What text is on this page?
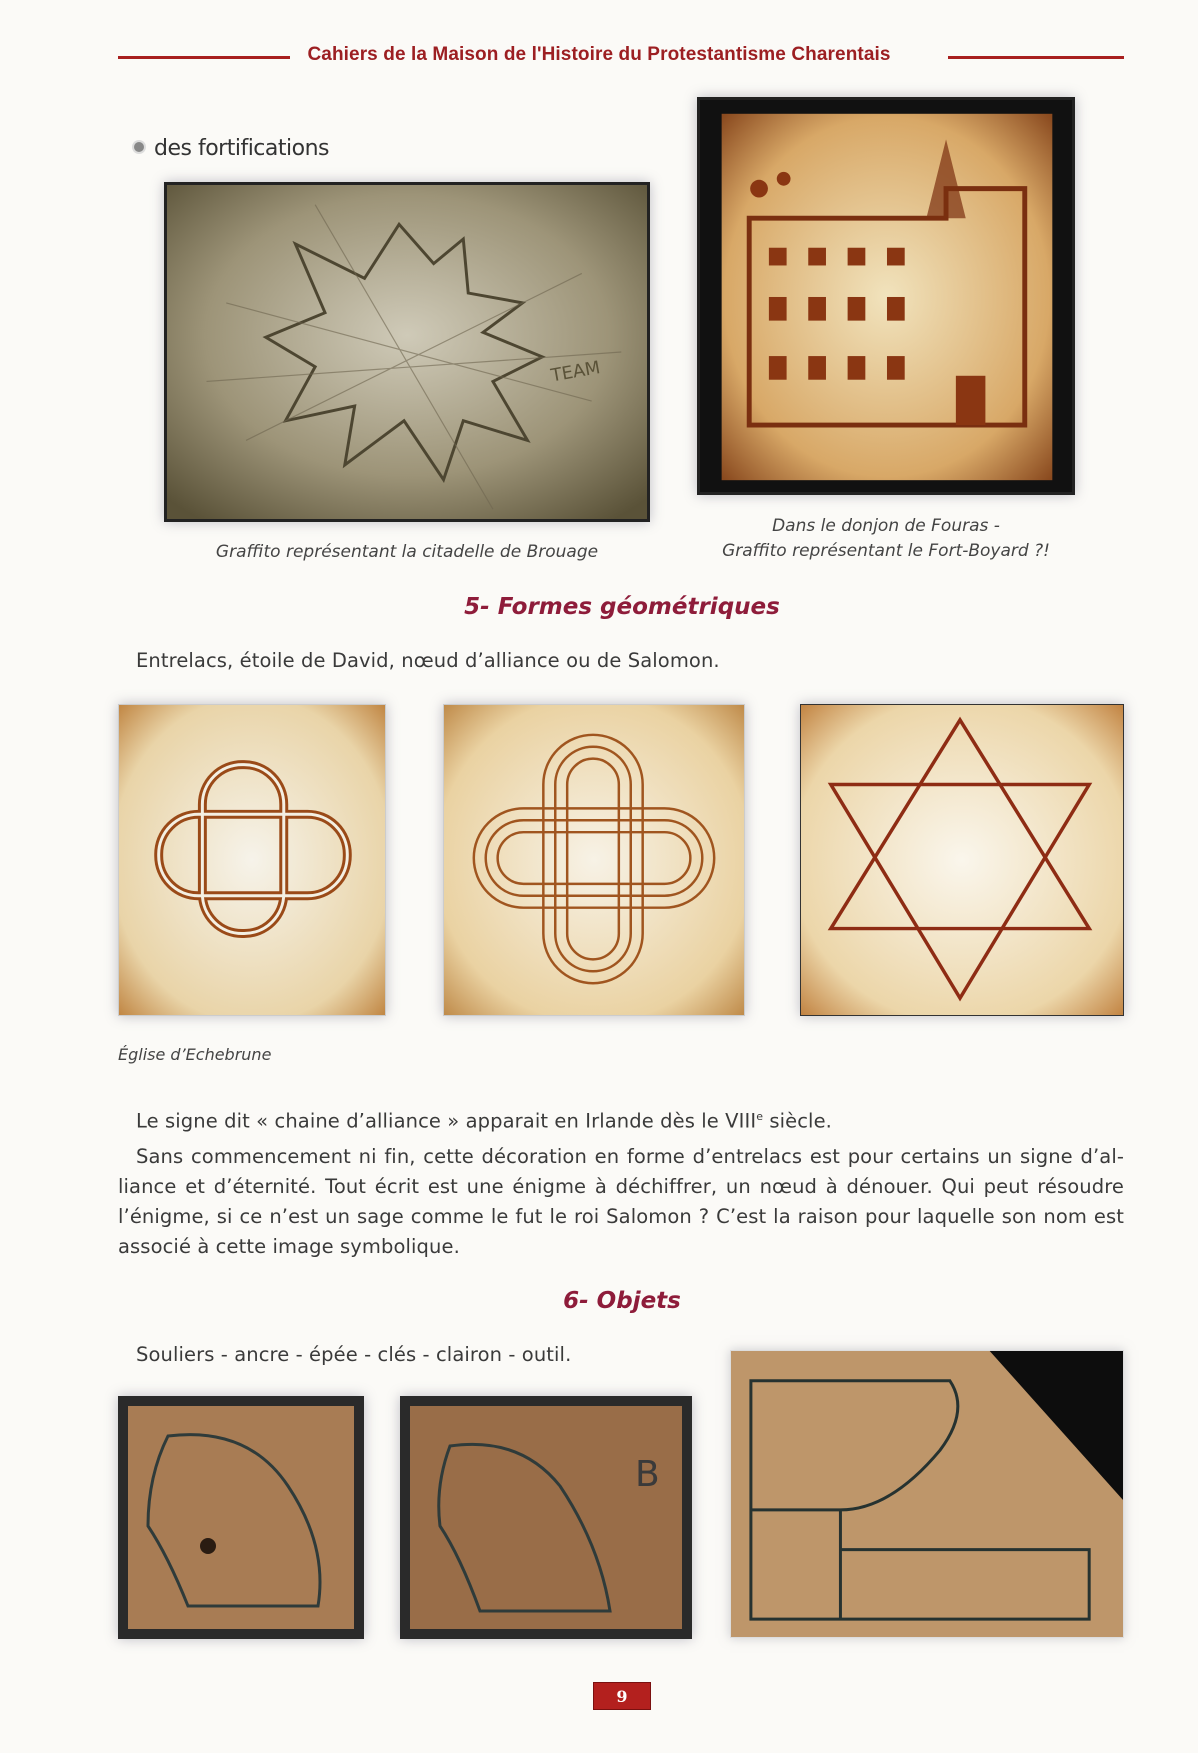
Cahiers de la Maison de l'Histoire du Protestantisme Charentais
des fortifications
TEAM
Graffito représentant la citadelle de Brouage
Dans le donjon de Fouras -
Graffito représentant le Fort-Boyard ?!
5- Formes géométriques
Entrelacs, étoile de David, nœud d’alliance ou de Salomon.
Église d’Echebrune
Le signe dit « chaine d’alliance » apparait en Irlande dès le VIIIe siècle.
Sans commencement ni fin, cette décoration en forme d’entrelacs est pour certains un signe d’al-liance et d’éternité. Tout écrit est une énigme à déchiffrer, un nœud à dénouer. Qui peut résoudre l’énigme, si ce n’est un sage comme le fut le roi Salomon ? C’est la raison pour laquelle son nom est associé à cette image symbolique.
6- Objets
Souliers - ancre - épée - clés - clairon - outil.
B
9
